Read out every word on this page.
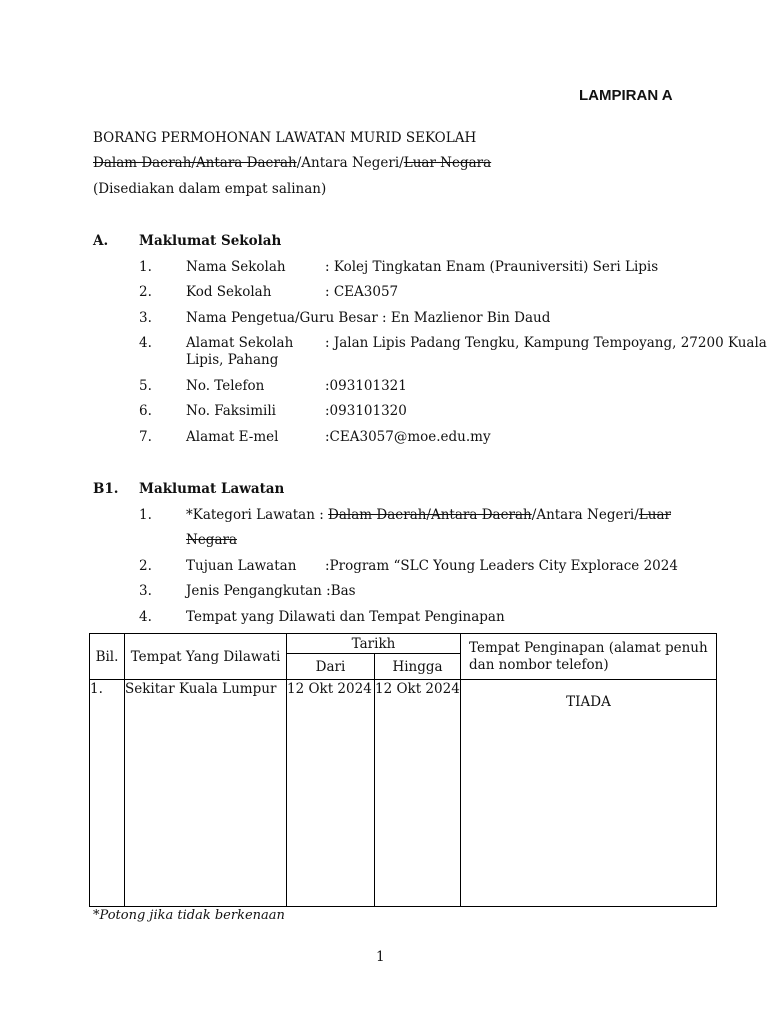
LAMPIRAN A
BORANG PERMOHONAN LAWATAN MURID SEKOLAH
Dalam Daerah/Antara Daerah/Antara Negeri/Luar Negara
(Disediakan dalam empat salinan)
A. Maklumat Sekolah
1.	Nama Sekolah	: Kolej Tingkatan Enam (Prauniversiti) Seri Lipis
2.	Kod Sekolah	: CEA3057
3.	Nama Pengetua/Guru Besar : En Mazlienor Bin Daud
4.	Alamat Sekolah : Jalan Lipis Padang Tengku, Kampung Tempoyang, 27200 Kuala
Lipis, Pahang
5.	No. Telefon	:093101321
6.	No. Faksimili	:093101320
7.	Alamat E-mel	:CEA3057@moe.edu.my
B1. Maklumat Lawatan
1.	*Kategori Lawatan : Dalam Daerah/Antara Daerah/Antara Negeri/Luar
Negara
2.	Tujuan Lawatan :Program “SLC Young Leaders City Explorace 2024
3.	Jenis Pengangkutan :Bas
4.	Tempat yang Dilawati dan Tempat Penginapan
Bil.	Tempat Yang Dilawati	Tarikh		Tempat Penginapan (alamat penuh dan nombor telefon)
		Dari	Hingga	
1.	Sekitar Kuala Lumpur	12 Okt 2024	12 Okt 2024	TIADA
*Potong jika tidak berkenaan
1
